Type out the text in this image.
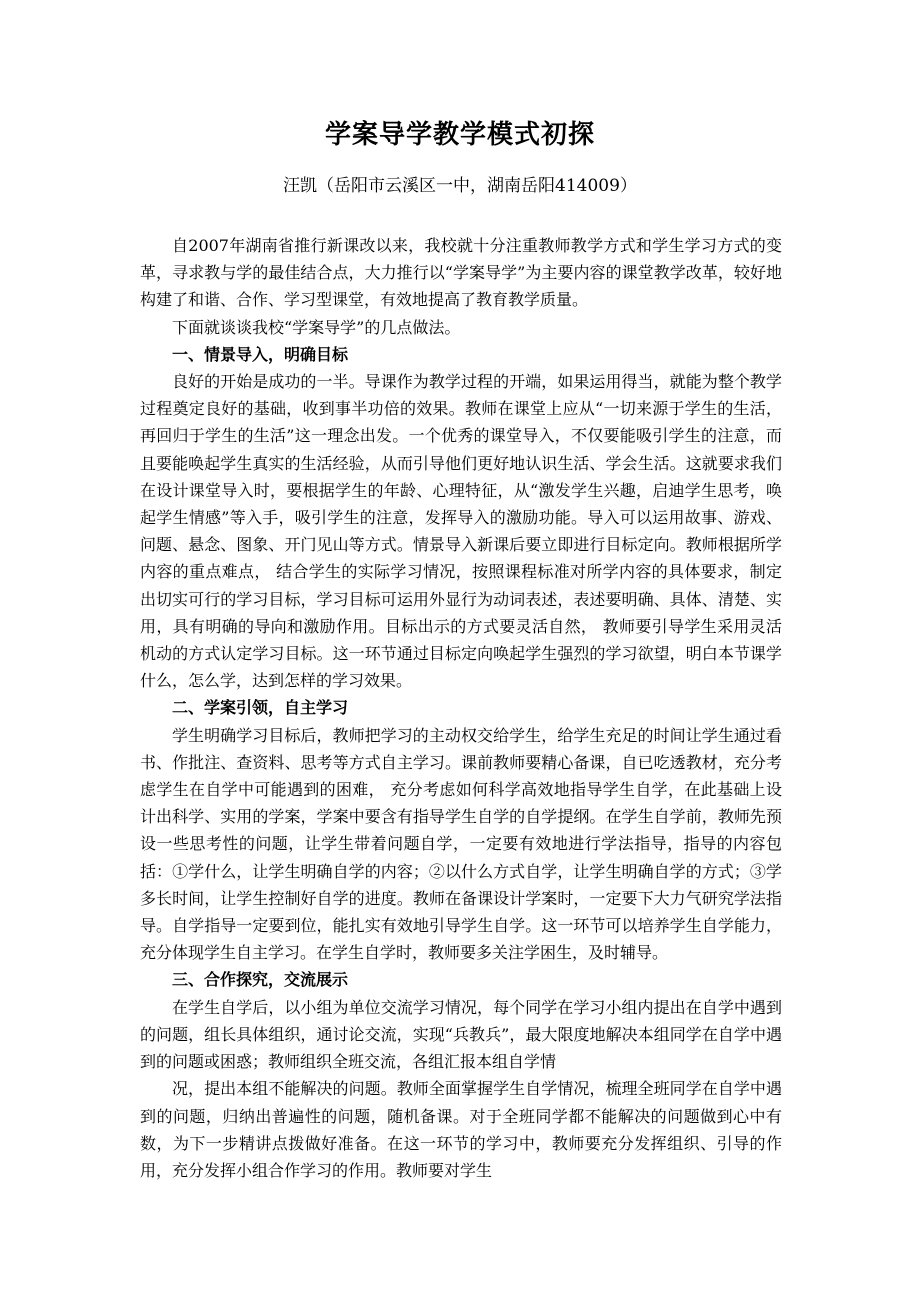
学案导学教学模式初探
汪凯（岳阳市云溪区一中，湖南岳阳414009）

自2007年湖南省推行新课改以来，我校就十分注重教师教学方式和学生学习方式的变革，寻求教与学的最佳结合点，大力推行以“学案导学”为主要内容的课堂教学改革，较好地构建了和谐、合作、学习型课堂，有效地提高了教育教学质量。

下面就谈谈我校“学案导学”的几点做法。

一、情景导入，明确目标

良好的开始是成功的一半。导课作为教学过程的开端，如果运用得当，就能为整个教学过程奠定良好的基础，收到事半功倍的效果。教师在课堂上应从“一切来源于学生的生活，再回归于学生的生活”这一理念出发。一个优秀的课堂导入，不仅要能吸引学生的注意，而且要能唤起学生真实的生活经验，从而引导他们更好地认识生活、学会生活。这就要求我们在设计课堂导入时，要根据学生的年龄、心理特征，从“激发学生兴趣，启迪学生思考，唤起学生情感”等入手，吸引学生的注意，发挥导入的激励功能。导入可以运用故事、游戏、问题、悬念、图象、开门见山等方式。情景导入新课后要立即进行目标定向。教师根据所学内容的重点难点， 结合学生的实际学习情况，按照课程标准对所学内容的具体要求，制定出切实可行的学习目标，学习目标可运用外显行为动词表述，表述要明确、具体、清楚、实用，具有明确的导向和激励作用。目标出示的方式要灵活自然， 教师要引导学生采用灵活机动的方式认定学习目标。这一环节通过目标定向唤起学生强烈的学习欲望，明白本节课学什么，怎么学，达到怎样的学习效果。

二、学案引领，自主学习

学生明确学习目标后，教师把学习的主动权交给学生，给学生充足的时间让学生通过看书、作批注、查资料、思考等方式自主学习。课前教师要精心备课，自已吃透教材，充分考虑学生在自学中可能遇到的困难， 充分考虑如何科学高效地指导学生自学，在此基础上设计出科学、实用的学案，学案中要含有指导学生自学的自学提纲。在学生自学前，教师先预设一些思考性的问题，让学生带着问题自学，一定要有效地进行学法指导，指导的内容包括：①学什么，让学生明确自学的内容；②以什么方式自学，让学生明确自学的方式；③学多长时间，让学生控制好自学的进度。教师在备课设计学案时，一定要下大力气研究学法指导。自学指导一定要到位，能扎实有效地引导学生自学。这一环节可以培养学生自学能力，充分体现学生自主学习。在学生自学时，教师要多关注学困生，及时辅导。

三、合作探究，交流展示

在学生自学后，以小组为单位交流学习情况，每个同学在学习小组内提出在自学中遇到的问题，组长具体组织，通讨论交流，实现“兵教兵”，最大限度地解决本组同学在自学中遇到的问题或困惑；教师组织全班交流，各组汇报本组自学情

况，提出本组不能解决的问题。教师全面掌握学生自学情况，梳理全班同学在自学中遇到的问题，归纳出普遍性的问题，随机备课。对于全班同学都不能解决的问题做到心中有数，为下一步精讲点拨做好准备。在这一环节的学习中，教师要充分发挥组织、引导的作用，充分发挥小组合作学习的作用。教师要对学生
